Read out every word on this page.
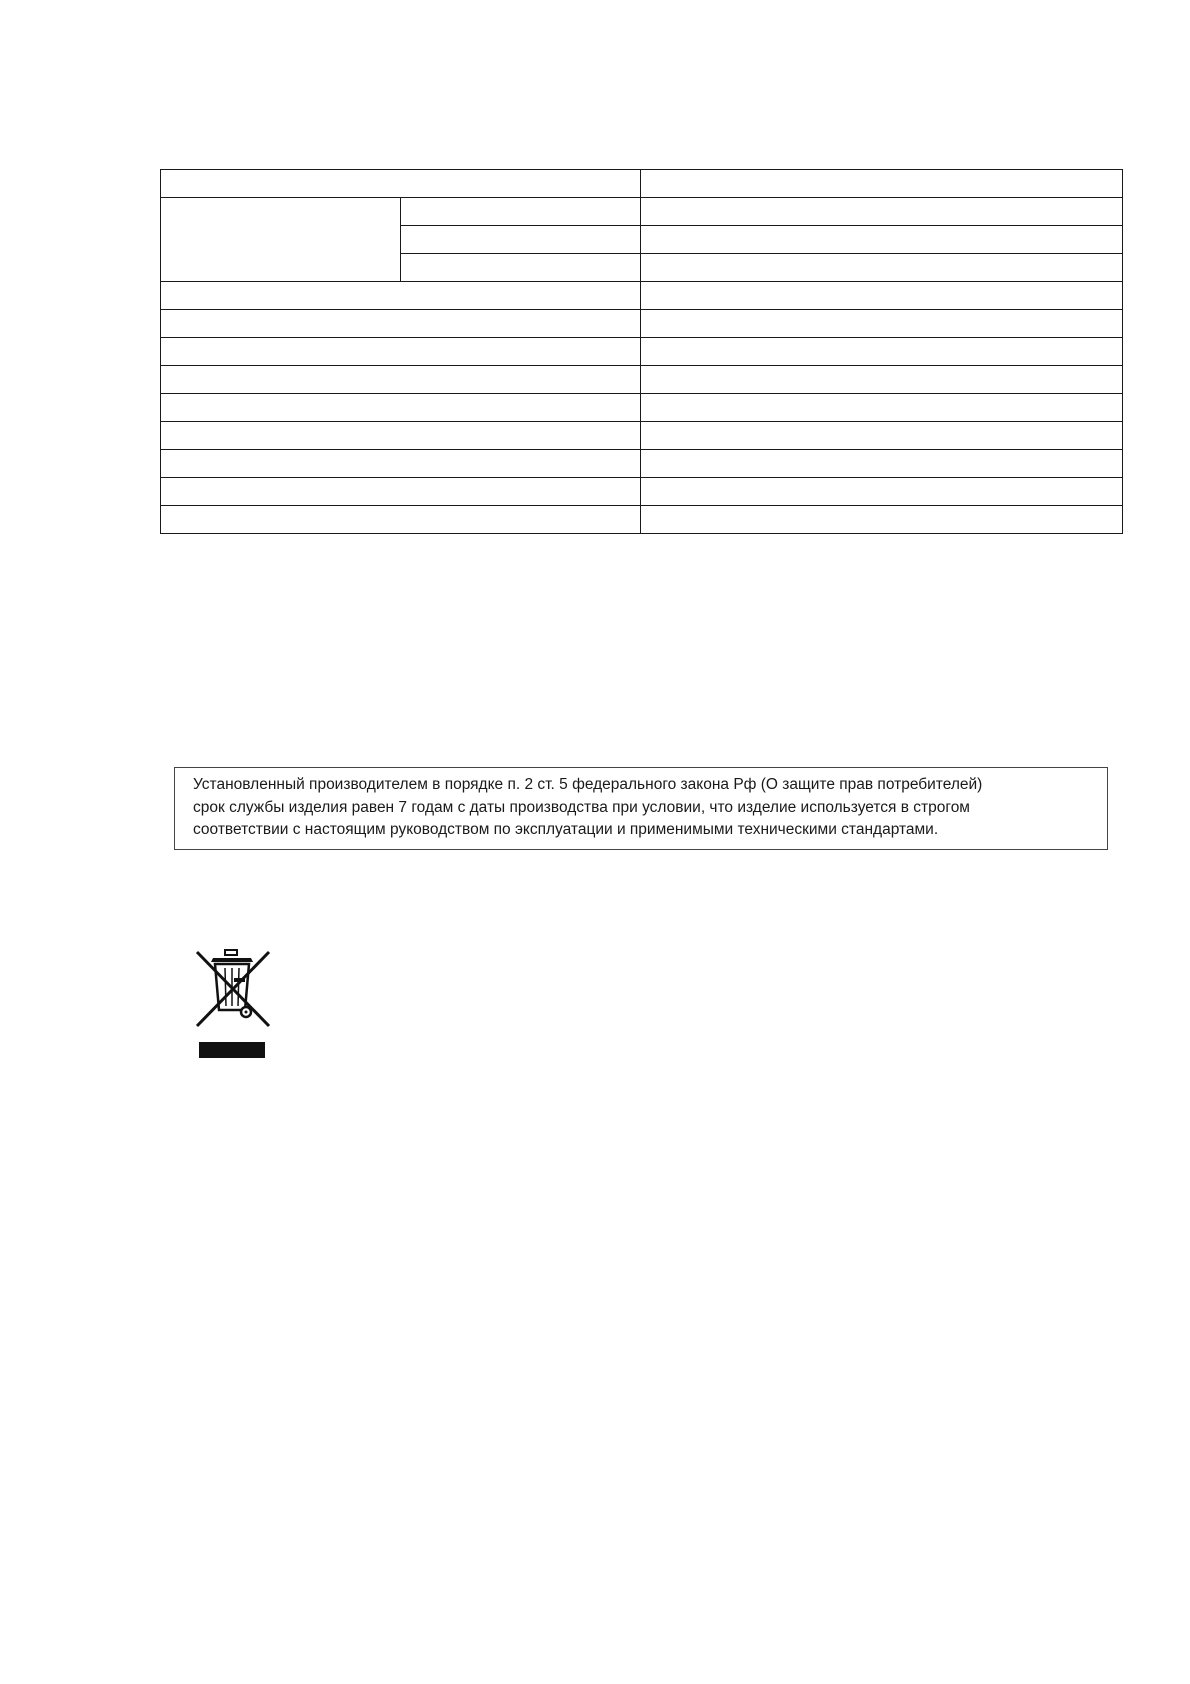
Установленный производителем в порядке п. 2 ст. 5 федерального закона Рф (О защите прав потребителей)
срок службы изделия равен 7 годам с даты производства при условии, что изделие используется в строгом
соответствии с настоящим руководством по эксплуатации и применимыми техническими стандартами.
